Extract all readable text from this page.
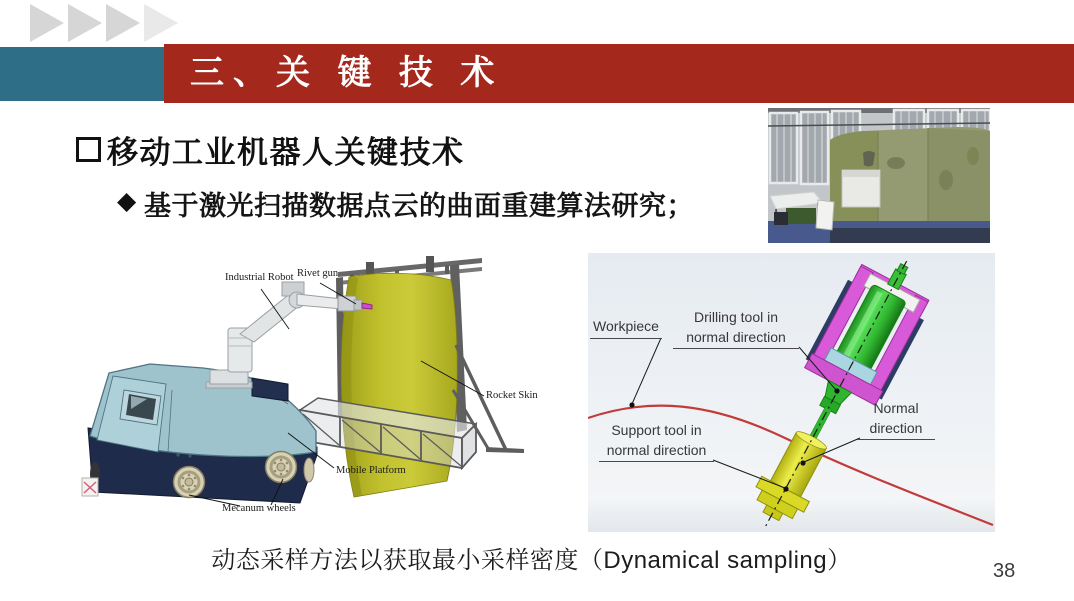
三、关 键 技 术
移动工业机器人关键技术
◆ 基于激光扫描数据点云的曲面重建算法研究；
Industrial Robot Rivet gun
Rocket Skin
Mobile Platform
Mecanum wheels
Workpiece
Drilling tool in normal direction
Normal direction
Support tool in normal direction
动态采样方法以获取最小采样密度（Dynamical sampling）	38
